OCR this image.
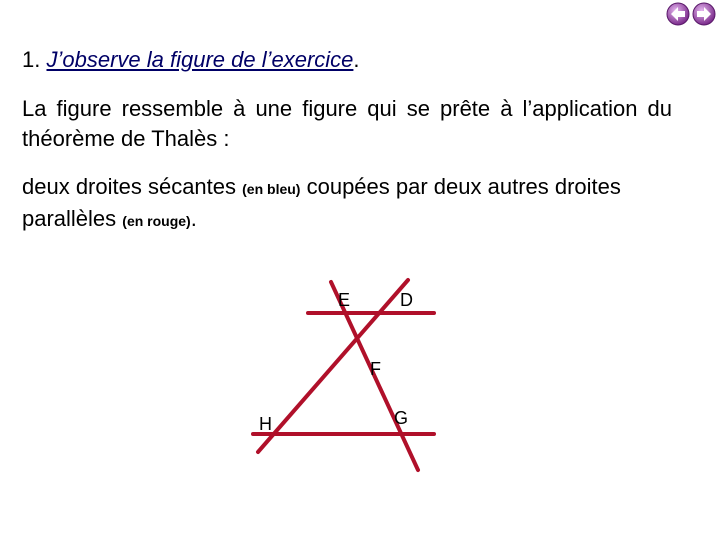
1. J’observe la figure de l’exercice.
La figure ressemble à une figure qui se prête à l’application du théorème de Thalès :
deux droites sécantes (en bleu) coupées par deux autres droites parallèles (en rouge).
E	D
F
G
H
